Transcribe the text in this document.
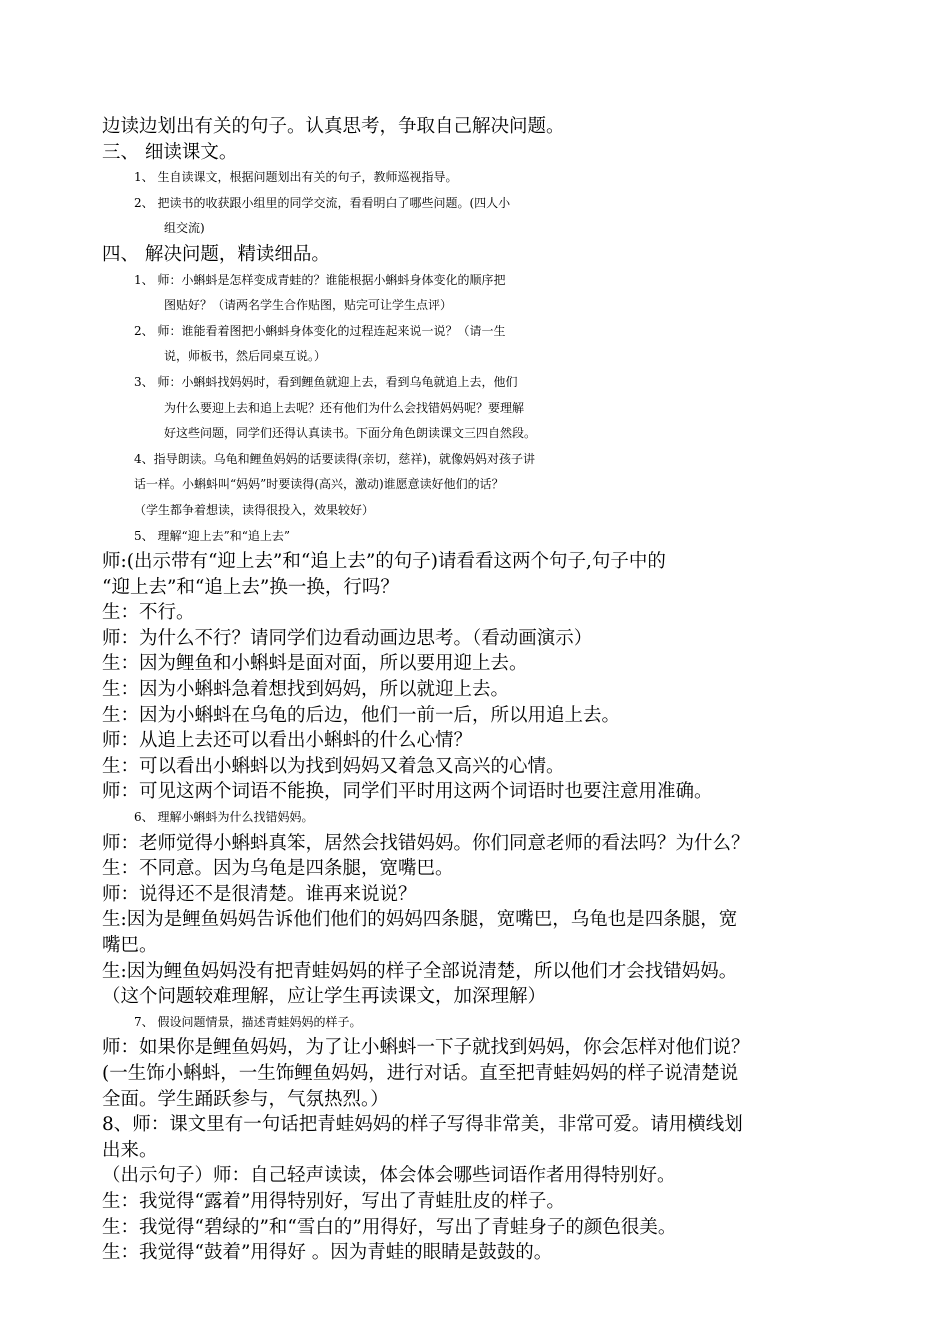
边读边划出有关的句子。认真思考，争取自己解决问题。
三、 细读课文。
1、 生自读课文，根据问题划出有关的句子，教师巡视指导。
2、 把读书的收获跟小组里的同学交流，看看明白了哪些问题。(四人小
组交流)
四、 解决问题，精读细品。
1、 师：小蝌蚪是怎样变成青蛙的？谁能根据小蝌蚪身体变化的顺序把
图贴好？（请两名学生合作贴图，贴完可让学生点评）
2、 师：谁能看着图把小蝌蚪身体变化的过程连起来说一说？（请一生
说，师板书，然后同桌互说。）
3、 师：小蝌蚪找妈妈时，看到鲤鱼就迎上去，看到乌龟就追上去，他们
为什么要迎上去和追上去呢？还有他们为什么会找错妈妈呢？要理解
好这些问题，同学们还得认真读书。下面分角色朗读课文三四自然段。
4、指导朗读。乌龟和鲤鱼妈妈的话要读得(亲切，慈祥)，就像妈妈对孩子讲
话一样。小蝌蚪叫“妈妈”时要读得(高兴，激动)谁愿意读好他们的话？
（学生都争着想读，读得很投入，效果较好）
5、 理解“迎上去”和“追上去”
师:(出示带有“迎上去”和“追上去”的句子)请看看这两个句子,句子中的
“迎上去”和“追上去”换一换，行吗？
生：不行。
师：为什么不行？请同学们边看动画边思考。（看动画演示）
生：因为鲤鱼和小蝌蚪是面对面，所以要用迎上去。
生：因为小蝌蚪急着想找到妈妈，所以就迎上去。
生：因为小蝌蚪在乌龟的后边，他们一前一后，所以用追上去。
师：从追上去还可以看出小蝌蚪的什么心情？
生：可以看出小蝌蚪以为找到妈妈又着急又高兴的心情。
师：可见这两个词语不能换，同学们平时用这两个词语时也要注意用准确。
6、 理解小蝌蚪为什么找错妈妈。
师：老师觉得小蝌蚪真笨，居然会找错妈妈。你们同意老师的看法吗？为什么？
生：不同意。因为乌龟是四条腿，宽嘴巴。
师：说得还不是很清楚。谁再来说说？
生:因为是鲤鱼妈妈告诉他们他们的妈妈四条腿，宽嘴巴，乌龟也是四条腿，宽
嘴巴。
生:因为鲤鱼妈妈没有把青蛙妈妈的样子全部说清楚，所以他们才会找错妈妈。
（这个问题较难理解，应让学生再读课文，加深理解）
7、 假设问题情景，描述青蛙妈妈的样子。
师：如果你是鲤鱼妈妈，为了让小蝌蚪一下子就找到妈妈，你会怎样对他们说？
(一生饰小蝌蚪，一生饰鲤鱼妈妈，进行对话。直至把青蛙妈妈的样子说清楚说
全面。学生踊跃参与，气氛热烈。）
8、师：课文里有一句话把青蛙妈妈的样子写得非常美，非常可爱。请用横线划
出来。
（出示句子）师：自己轻声读读，体会体会哪些词语作者用得特别好。
生：我觉得“露着”用得特别好，写出了青蛙肚皮的样子。
生：我觉得“碧绿的”和“雪白的”用得好，写出了青蛙身子的颜色很美。
生：我觉得“鼓着”用得好 。因为青蛙的眼睛是鼓鼓的。
